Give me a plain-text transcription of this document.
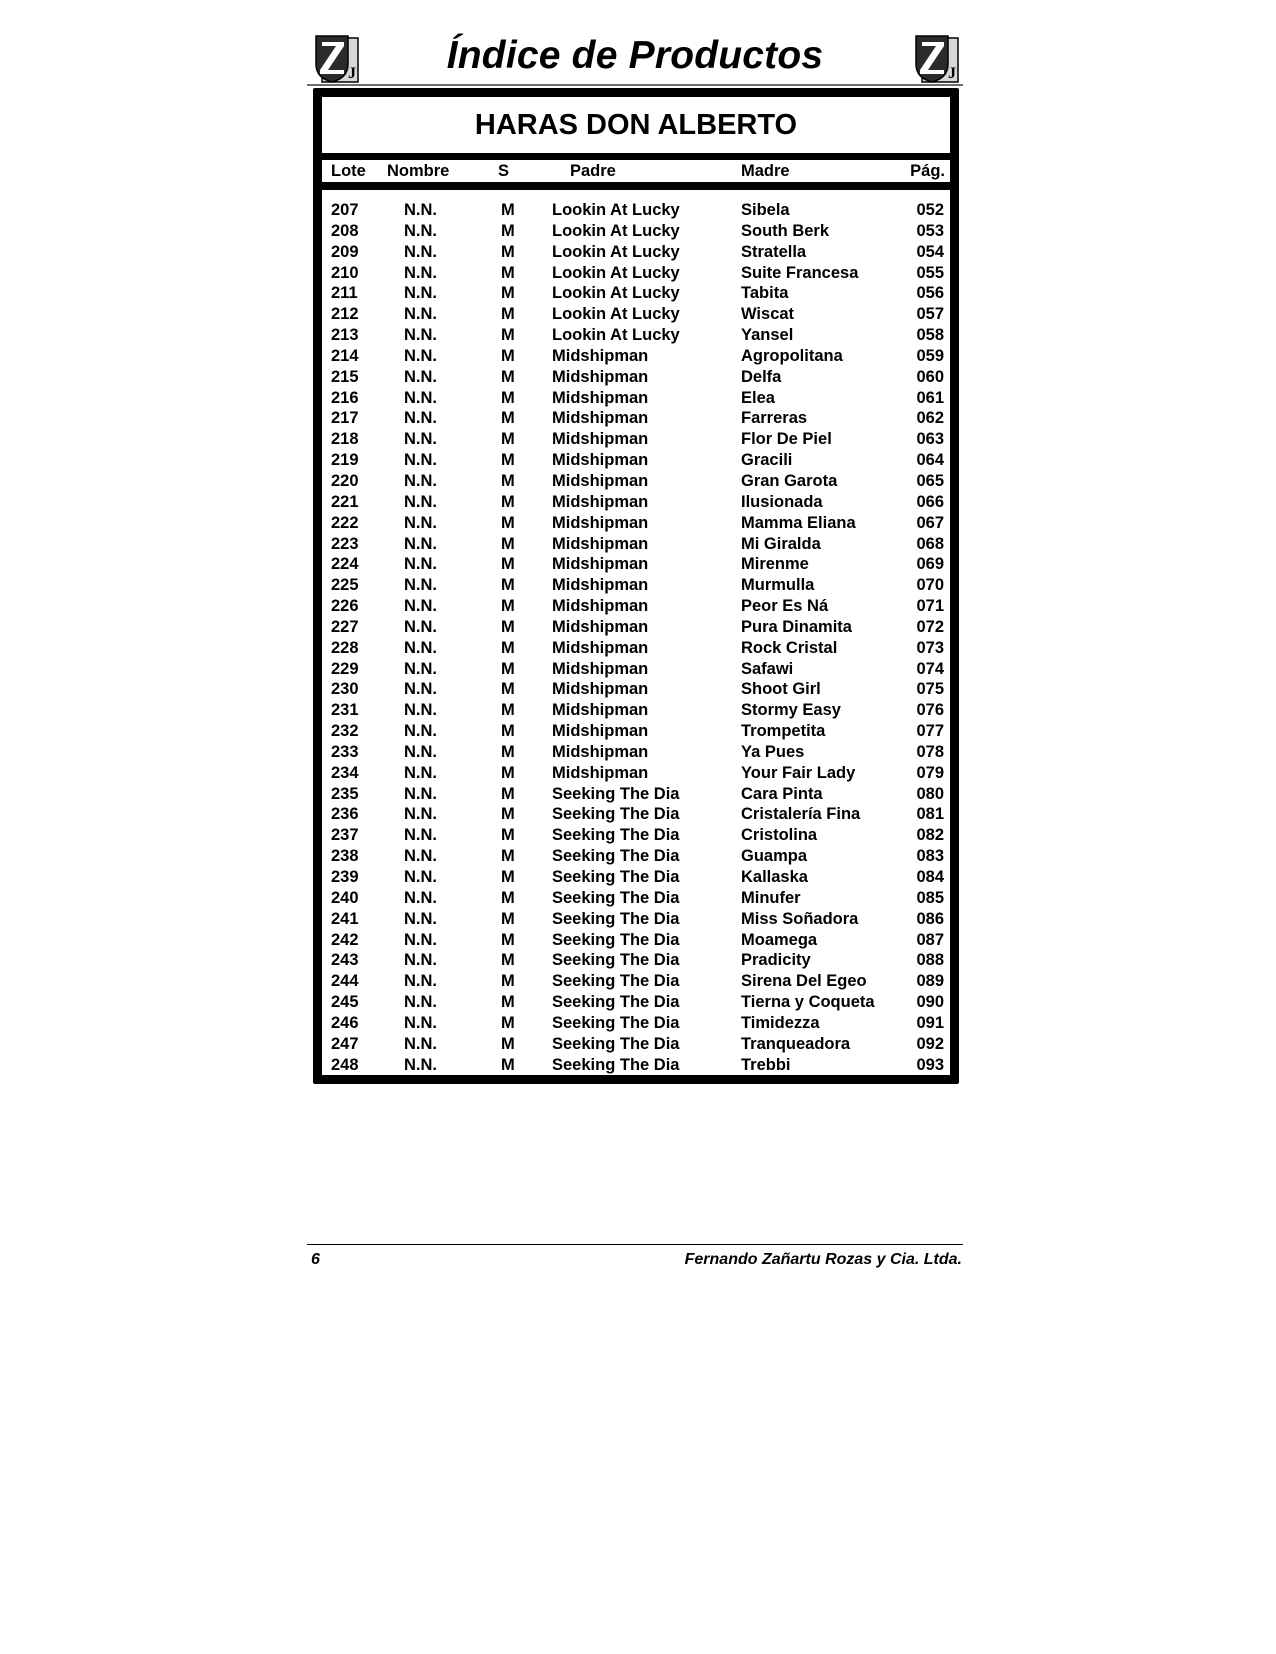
J	Índice de Productos	J
HARAS DON ALBERTO
Lote Nombre	S	Padre	Madre	Pág.
207	N.N.	M Lookin At Lucky	Sibela	052
208	N.N.	M Lookin At Lucky	South Berk	053
209	N.N.	M Lookin At Lucky	Stratella	054
210	N.N.	M Lookin At Lucky	Suite Francesa	055
211	N.N.	M Lookin At Lucky	Tabita	056
212	N.N.	M Lookin At Lucky	Wiscat	057
213	N.N.	M Lookin At Lucky	Yansel	058
214	N.N.	M Midshipman	Agropolitana	059
215	N.N.	M Midshipman	Delfa	060
216	N.N.	M Midshipman	Elea	061
217	N.N.	M Midshipman	Farreras	062
218	N.N.	M Midshipman	Flor De Piel	063
219	N.N.	M Midshipman	Gracili	064
220	N.N.	M Midshipman	Gran Garota	065
221	N.N.	M Midshipman	Ilusionada	066
222	N.N.	M Midshipman	Mamma Eliana	067
223	N.N.	M Midshipman	Mi Giralda	068
224	N.N.	M Midshipman	Mirenme	069
225	N.N.	M Midshipman	Murmulla	070
226	N.N.	M Midshipman	Peor Es Ná	071
227	N.N.	M Midshipman	Pura Dinamita	072
228	N.N.	M Midshipman	Rock Cristal	073
229	N.N.	M Midshipman	Safawi	074
230	N.N.	M Midshipman	Shoot Girl	075
231	N.N.	M Midshipman	Stormy Easy	076
232	N.N.	M Midshipman	Trompetita	077
233	N.N.	M Midshipman	Ya Pues	078
234	N.N.	M Midshipman	Your Fair Lady	079
235	N.N.	M Seeking The Dia	Cara Pinta	080
236	N.N.	M Seeking The Dia	Cristalería Fina	081
237	N.N.	M Seeking The Dia	Cristolina	082
238	N.N.	M Seeking The Dia	Guampa	083
239	N.N.	M Seeking The Dia	Kallaska	084
240	N.N.	M Seeking The Dia	Minufer	085
241	N.N.	M Seeking The Dia	Miss Soñadora	086
242	N.N.	M Seeking The Dia	Moamega	087
243	N.N.	M Seeking The Dia	Pradicity	088
244	N.N.	M Seeking The Dia	Sirena Del Egeo	089
245	N.N.	M Seeking The Dia	Tierna y Coqueta	090
246	N.N.	M Seeking The Dia	Timidezza	091
247	N.N.	M Seeking The Dia	Tranqueadora	092
248	N.N.	M Seeking The Dia	Trebbi	093
6	Fernando Zañartu Rozas y Cia. Ltda.
